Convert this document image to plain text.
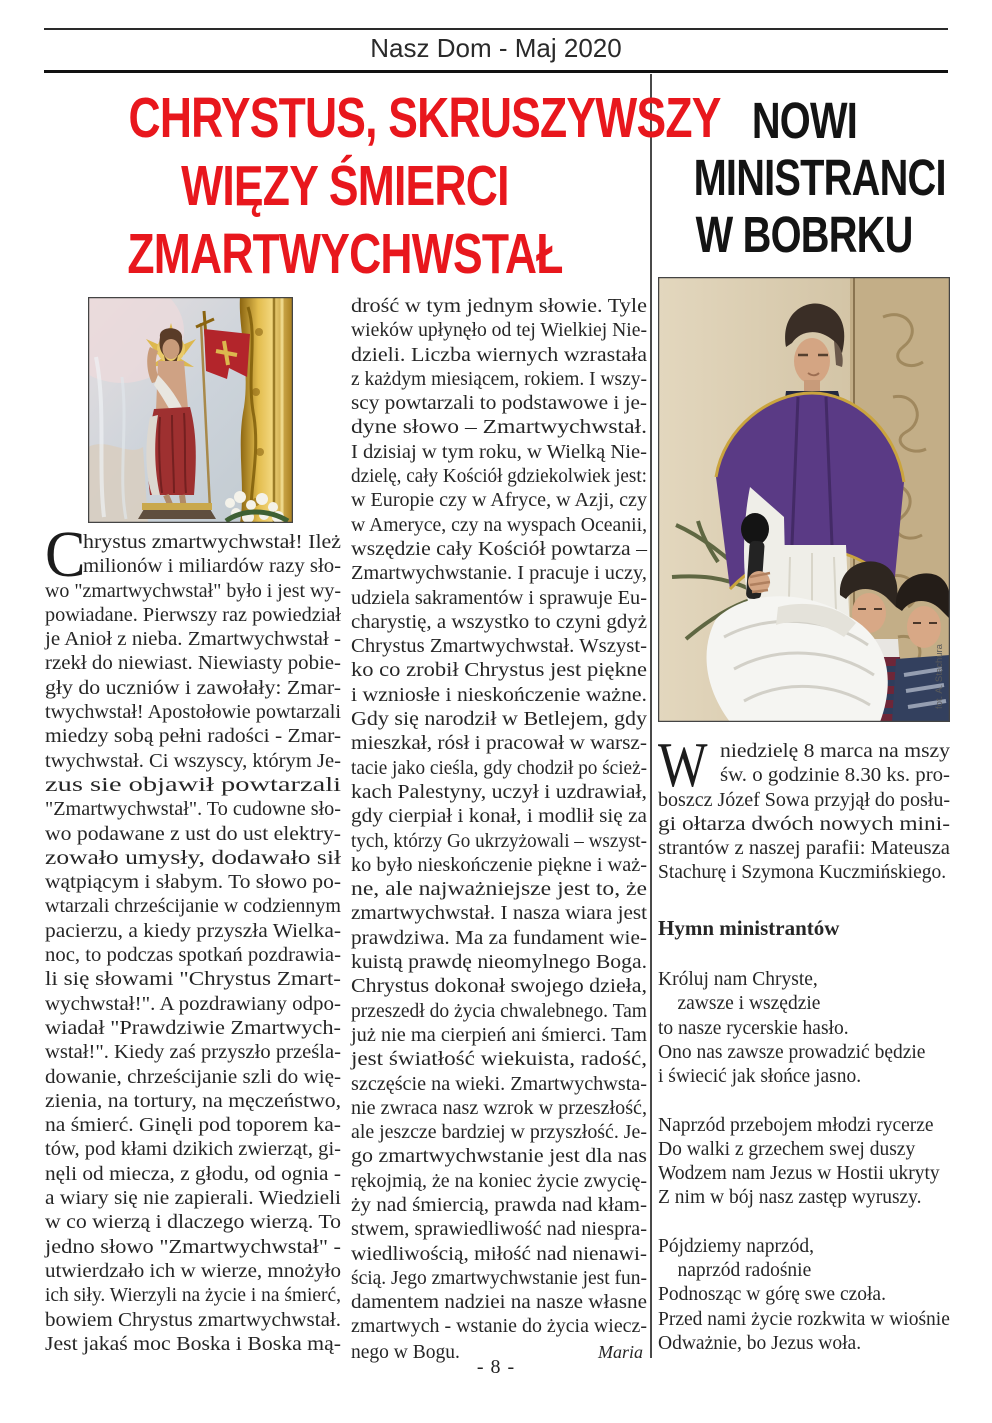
Nasz Dom - Maj 2020
CHRYSTUS, SKRUSZYWSZY
WIĘZY ŚMIERCI
ZMARTWYCHWSTAŁ
C
hrystus zmartwychwstał! Ileż
milionów i miliardów razy sło-
wo "zmartwychwstał" było i jest wy-
powiadane. Pierwszy raz powiedział
je Anioł z nieba. Zmartwychwstał -
rzekł do niewiast. Niewiasty pobie-
gły do uczniów i zawołały: Zmar-
twychwstał! Apostołowie powtarzali
miedzy sobą pełni radości - Zmar-
twychwstał. Ci wszyscy, którym Je-
zus sie objawił powtarzali
"Zmartwychwstał". To cudowne sło-
wo podawane z ust do ust elektry-
zowało umysły, dodawało sił
wątpiącym i słabym. To słowo po-
wtarzali chrześcijanie w codziennym
pacierzu, a kiedy przyszła Wielka-
noc, to podczas spotkań pozdrawia-
li się słowami "Chrystus Zmart-
wychwstał!". A pozdrawiany odpo-
wiadał "Prawdziwie Zmartwych-
wstał!". Kiedy zaś przyszło prześla-
dowanie, chrześcijanie szli do wię-
zienia, na tortury, na męczeństwo,
na śmierć. Ginęli pod toporem ka-
tów, pod kłami dzikich zwierząt, gi-
nęli od miecza, z głodu, od ognia -
a wiary się nie zapierali. Wiedzieli
w co wierzą i dlaczego wierzą. To
jedno słowo "Zmartwychwstał" -
utwierdzało ich w wierze, mnożyło
ich siły. Wierzyli na życie i na śmierć,
bowiem Chrystus zmartwychwstał.
Jest jakaś moc Boska i Boska mą-
drość w tym jednym słowie. Tyle
wieków upłynęło od tej Wielkiej Nie-
dzieli. Liczba wiernych wzrastała
z każdym miesiącem, rokiem. I wszy-
scy powtarzali to podstawowe i je-
dyne słowo – Zmartwychwstał.
I dzisiaj w tym roku, w Wielką Nie-
dzielę, cały Kościół gdziekolwiek jest:
w Europie czy w Afryce, w Azji, czy
w Ameryce, czy na wyspach Oceanii,
wszędzie cały Kościół powtarza –
Zmartwychwstanie. I pracuje i uczy,
udziela sakramentów i sprawuje Eu-
charystię, a wszystko to czyni gdyż
Chrystus Zmartwychwstał. Wszyst-
ko co zrobił Chrystus jest piękne
i wzniosłe i nieskończenie ważne.
Gdy się narodził w Betlejem, gdy
mieszkał, rósł i pracował w warsz-
tacie jako cieśla, gdy chodził po ścież-
kach Palestyny, uczył i uzdrawiał,
gdy cierpiał i konał, i modlił się za
tych, którzy Go ukrzyżowali – wszyst-
ko było nieskończenie piękne i waż-
ne, ale najważniejsze jest to, że
zmartwychwstał. I nasza wiara jest
prawdziwa. Ma za fundament wie-
kuistą prawdę nieomylnego Boga.
Chrystus dokonał swojego dzieła,
przeszedł do życia chwalebnego. Tam
już nie ma cierpień ani śmierci. Tam
jest światłość wiekuista, radość,
szczęście na wieki. Zmartwychwsta-
nie zwraca nasz wzrok w przeszłość,
ale jeszcze bardziej w przyszłość. Je-
go zmartwychwstanie jest dla nas
rękojmią, że na koniec życie zwycię-
ży nad śmiercią, prawda nad kłam-
stwem, sprawiedliwość nad niespra-
wiedliwością, miłość nad nienawi-
ścią. Jego zmartwychwstanie jest fun-
damentem nadziei na nasze własne
zmartwych - wstanie do życia wiecz-
nego w Bogu.	Maria
NOWI
MINISTRANCI
W BOBRKU
fot. A. Stachura
W niedzielę 8 marca na mszy
św. o godzinie 8.30 ks. pro-
boszcz Józef Sowa przyjął do posłu-
gi ołtarza dwóch nowych mini-
strantów z naszej parafii: Mateusza
Stachurę i Szymona Kuczmińskiego.
Hymn ministrantów
Króluj nam Chryste,
zawsze i wszędzie
to nasze rycerskie hasło.
Ono nas zawsze prowadzić będzie
i świecić jak słońce jasno.
Naprzód przebojem młodzi rycerze
Do walki z grzechem swej duszy
Wodzem nam Jezus w Hostii ukryty
Z nim w bój nasz zastęp wyruszy.
Pójdziemy naprzód,
naprzód radośnie
Podnosząc w górę swe czoła.
Przed nami życie rozkwita w wiośnie
Odważnie, bo Jezus woła.
- 8 -
